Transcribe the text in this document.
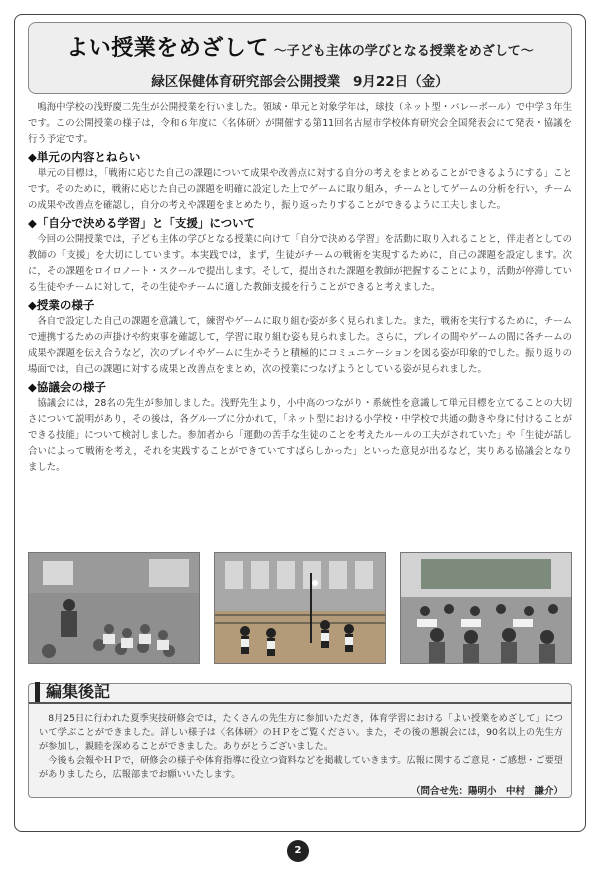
よい授業をめざして ～子ども主体の学びとなる授業をめざして～
緑区保健体育研究部会公開授業 9月22日（金）

鳴海中学校の浅野慶二先生が公開授業を行いました。領域・単元と対象学年は，球技（ネット型・バレーボール）で中学３年生です。この公開授業の様子は，令和６年度に〈名体研〉が開催する第11回名古屋市学校体育研究会全国発表会にて発表・協議を行う予定です。

◆単元の内容とねらい

単元の目標は，「戦術に応じた自己の課題について成果や改善点に対する自分の考えをまとめることができるようにする」ことです。そのために，戦術に応じた自己の課題を明確に設定した上でゲームに取り組み，チームとしてゲームの分析を行い，チームの成果や改善点を確認し，自分の考えや課題をまとめたり，振り返ったりすることができるように工夫しました。

◆「自分で決める学習」と「支援」について

今回の公開授業では，子ども主体の学びとなる授業に向けて「自分で決める学習」を活動に取り入れることと，伴走者としての教師の「支援」を大切にしています。本実践では，まず，生徒がチームの戦術を実現するために，自己の課題を設定します。次に，その課題をロイロノート・スクールで提出します。そして，提出された課題を教師が把握することにより，活動が停滞している生徒やチームに対して，その生徒やチームに適した教師支援を行うことができると考えました。

◆授業の様子

各自で設定した自己の課題を意識して，練習やゲームに取り組む姿が多く見られました。また，戦術を実行するために，チームで連携するための声掛けや約束事を確認して，学習に取り組む姿も見られました。さらに，プレイの間やゲームの間に各チームの成果や課題を伝え合うなど，次のプレイやゲームに生かそうと積極的にコミュニケーションを図る姿が印象的でした。振り返りの場面では，自己の課題に対する成果と改善点をまとめ，次の授業につなげようとしている姿が見られました。

◆協議会の様子

協議会には，28名の先生が参加しました。浅野先生より，小中高のつながり・系統性を意識して単元目標を立てることの大切さについて説明があり，その後は，各グループに分かれて，「ネット型における小学校・中学校で共通の動きや身に付けることができる技能」について検討しました。参加者から「運動の苦手な生徒のことを考えたルールの工夫がされていた」や「生徒が話し合いによって戦術を考え，それを実践することができていてすばらしかった」といった意見が出るなど，実りある協議会となりました。

編集後記

8月25日に行われた夏季実技研修会では，たくさんの先生方に参加いただき，体育学習における「よい授業をめざして」について学ぶことができました。詳しい様子は〈名体研〉のＨＰをご覧ください。また，その後の懇親会には，90名以上の先生方が参加し，親睦を深めることができました。ありがとうございました。

今後も会報やＨＰで，研修会の様子や体育指導に役立つ資料などを掲載していきます。広報に関するご意見・ご感想・ご要望がありましたら，広報部までお願いいたします。

（問合せ先：陽明小　中村　謙介）
2
